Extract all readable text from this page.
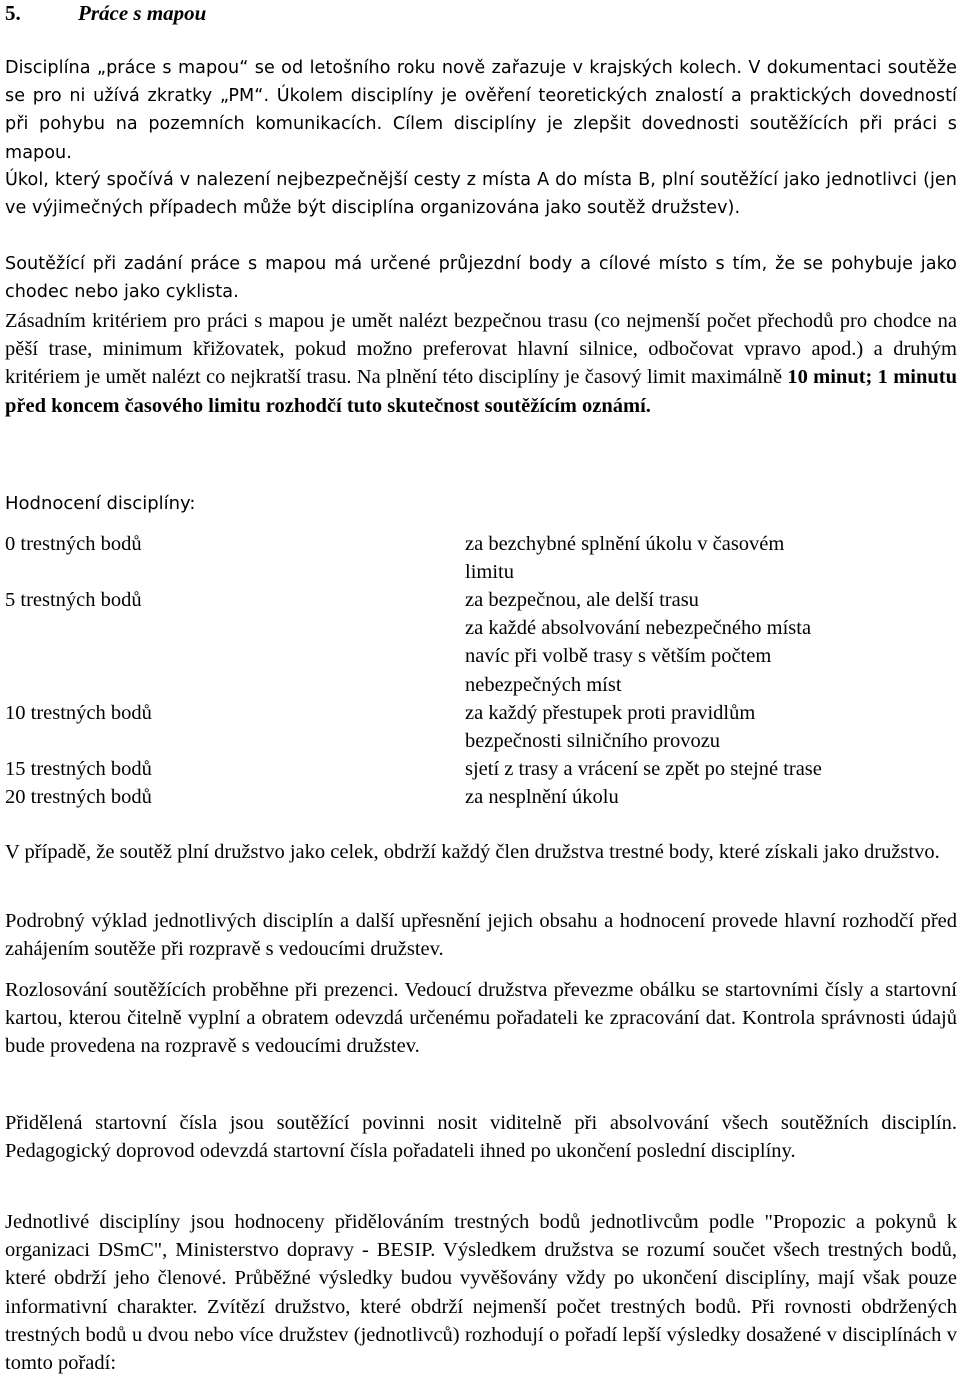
5.	Práce s mapou
Disciplína „práce s mapou“ se od letošního roku nově zařazuje v krajských kolech. V dokumentaci soutěže se pro ni užívá zkratky „PM“. Úkolem disciplíny je ověření teoretických znalostí a praktických dovedností při pohybu na pozemních komunikacích. Cílem disciplíny je zlepšit dovednosti soutěžících při práci s mapou.
Úkol, který spočívá v nalezení nejbezpečnější cesty z místa A do místa B, plní soutěžící jako jednotlivci (jen ve výjimečných případech může být disciplína organizována jako soutěž družstev).
Soutěžící při zadání práce s mapou má určené průjezdní body a cílové místo s tím, že se pohybuje jako chodec nebo jako cyklista.
Zásadním kritériem pro práci s mapou je umět nalézt bezpečnou trasu (co nejmenší počet přechodů pro chodce na pěší trase, minimum křižovatek, pokud možno preferovat hlavní silnice, odbočovat vpravo apod.) a druhým kritériem je umět nalézt co nejkratší trasu. Na plnění této disciplíny je časový limit maximálně 10 minut; 1 minutu před koncem časového limitu rozhodčí tuto skutečnost soutěžícím oznámí.
Hodnocení disciplíny:
0 trestných bodů	za bezchybné splnění úkolu v časovém
limitu
5 trestných bodů	za bezpečnou, ale delší trasu
za každé absolvování nebezpečného místa
navíc při volbě trasy s větším počtem
nebezpečných míst
10 trestných bodů	za každý přestupek proti pravidlům
bezpečnosti silničního provozu
15 trestných bodů	sjetí z trasy a vrácení se zpět po stejné trase
20 trestných bodů	za nesplnění úkolu
V případě, že soutěž plní družstvo jako celek, obdrží každý člen družstva trestné body, které získali jako družstvo.
Podrobný výklad jednotlivých disciplín a další upřesnění jejich obsahu a hodnocení provede hlavní rozhodčí před zahájením soutěže při rozpravě s vedoucími družstev.
Rozlosování soutěžících proběhne při prezenci. Vedoucí družstva převezme obálku se startovními čísly a startovní kartou, kterou čitelně vyplní a obratem odevzdá určenému pořadateli ke zpracování dat. Kontrola správnosti údajů bude provedena na rozpravě s vedoucími družstev.
Přidělená startovní čísla jsou soutěžící povinni nosit viditelně při absolvování všech soutěžních disciplín. Pedagogický doprovod odevzdá startovní čísla pořadateli ihned po ukončení poslední disciplíny.
Jednotlivé disciplíny jsou hodnoceny přidělováním trestných bodů jednotlivcům podle "Propozic a pokynů k organizaci DSmC", Ministerstvo dopravy - BESIP. Výsledkem družstva se rozumí součet všech trestných bodů, které obdrží jeho členové. Průběžné výsledky budou vyvěšovány vždy po ukončení disciplíny, mají však pouze informativní charakter. Zvítězí družstvo, které obdrží nejmenší počet trestných bodů. Při rovnosti obdržených trestných bodů u dvou nebo více družstev (jednotlivců) rozhodují o pořadí lepší výsledky dosažené v disciplínách v tomto pořadí:
